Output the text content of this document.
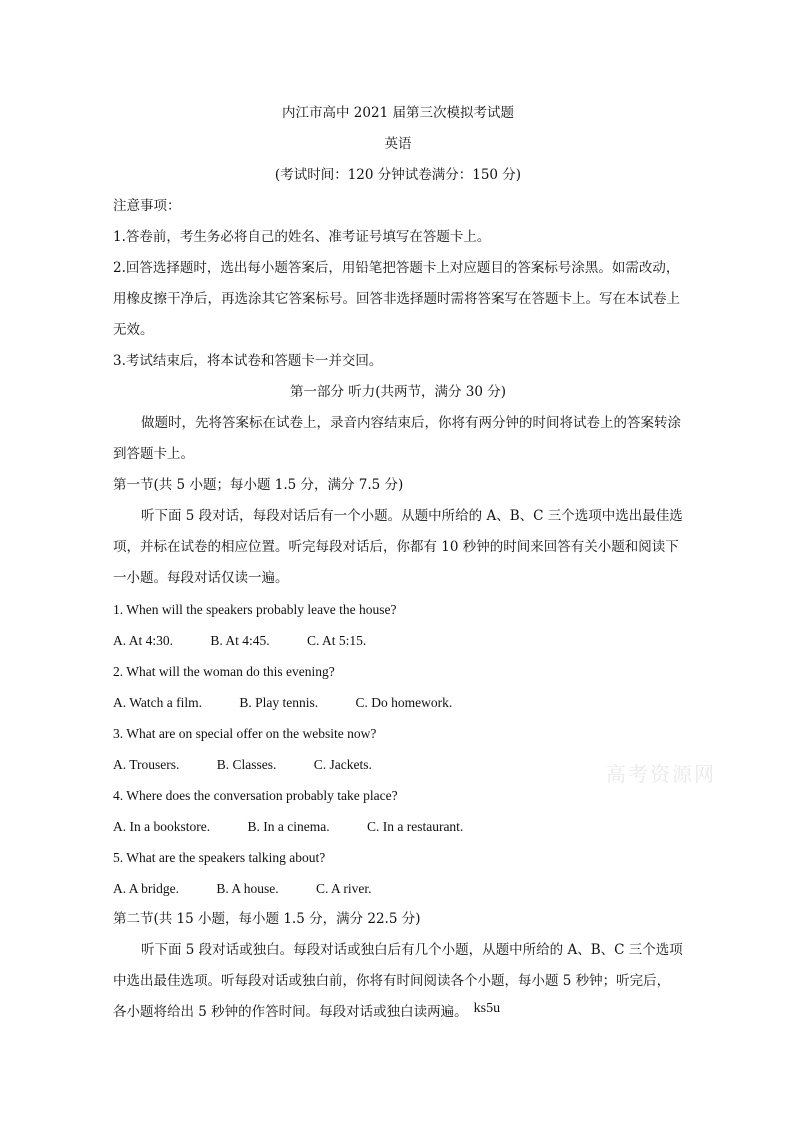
内江市高中 2021 届第三次模拟考试题
英语
(考试时间：120 分钟试卷满分：150 分)
注意事项：
1.答卷前，考生务必将自己的姓名、准考证号填写在答题卡上。
2.回答选择题时，选出每小题答案后，用铅笔把答题卡上对应题目的答案标号涂黑。如需改动，用橡皮擦干净后，再选涂其它答案标号。回答非选择题时需将答案写在答题卡上。写在本试卷上无效。
3.考试结束后，将本试卷和答题卡一并交回。
第一部分 听力(共两节，满分 30 分)
做题时，先将答案标在试卷上，录音内容结束后，你将有两分钟的时间将试卷上的答案转涂到答题卡上。
第一节(共 5 小题；每小题 1.5 分，满分 7.5 分)
听下面 5 段对话，每段对话后有一个小题。从题中所给的 A、B、C 三个选项中选出最佳选项，并标在试卷的相应位置。听完每段对话后，你都有 10 秒钟的时间来回答有关小题和阅读下一小题。每段对话仅读一遍。
1. When will the speakers probably leave the house?
A. At 4:30.	B. At 4:45.	C. At 5:15.
2. What will the woman do this evening?
A. Watch a film.	B. Play tennis.	C. Do homework.
3. What are on special offer on the website now?
A. Trousers.	B. Classes.	C. Jackets.
4. Where does the conversation probably take place?
A. In a bookstore.	B. In a cinema.	C. In a restaurant.
5. What are the speakers talking about?
A. A bridge.	B. A house.	C. A river.
第二节(共 15 小题，每小题 1.5 分，满分 22.5 分)
听下面 5 段对话或独白。每段对话或独白后有几个小题，从题中所给的 A、B、C 三个选项中选出最佳选项。听每段对话或独白前，你将有时间阅读各个小题，每小题 5 秒钟；听完后，各小题将给出 5 秒钟的作答时间。每段对话或独白读两遍。 ks5u
高考资源网
